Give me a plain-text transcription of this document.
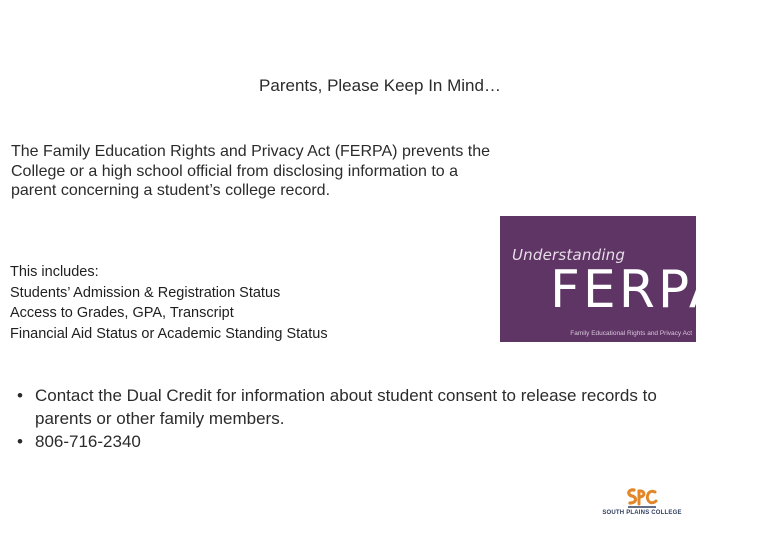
Parents, Please Keep In Mind…
The Family Education Rights and Privacy Act (FERPA) prevents the College or a high school official from disclosing information to a parent concerning a student’s college record.
This includes:
Students’ Admission & Registration Status
Access to Grades, GPA, Transcript
Financial Aid Status or Academic Standing Status
Understanding
FERPA
Family Educational Rights and Privacy Act
• Contact the Dual Credit for information about student consent to release records to parents or other family members.
• 806-716-2340
SOUTH PLAINS COLLEGE
